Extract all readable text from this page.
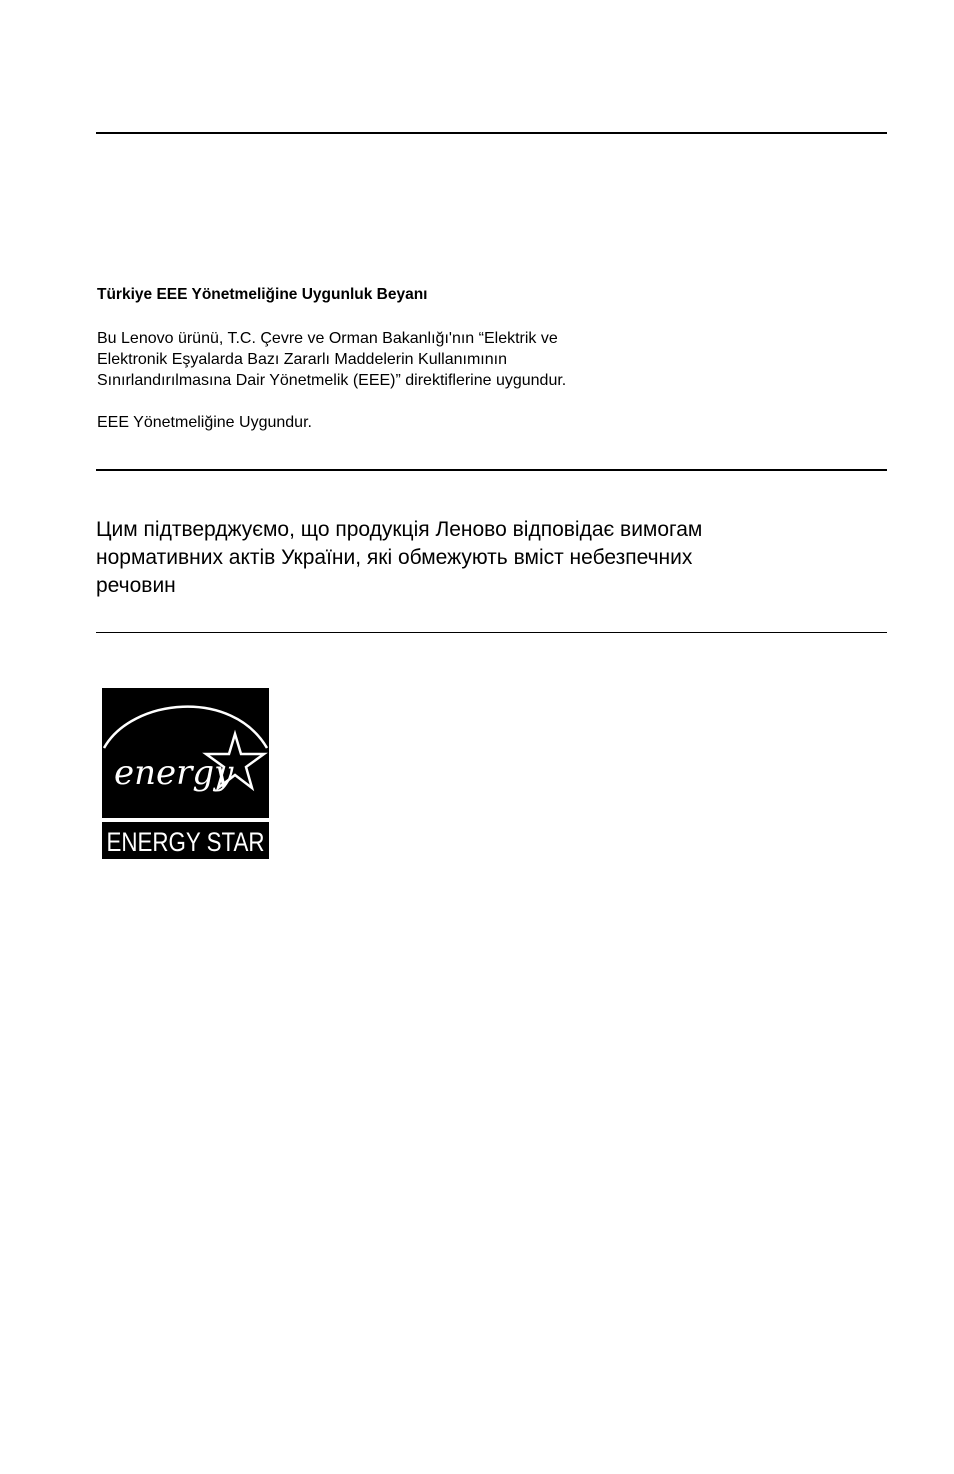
Türkiye EEE Yönetmeliğine Uygunluk Beyanı

Bu Lenovo ürünü, T.C. Çevre ve Orman Bakanlığı'nın “Elektrik ve
Elektronik Eşyalarda Bazı Zararlı Maddelerin Kullanımının
Sınırlandırılmasına Dair Yönetmelik (EEE)” direktiflerine uygundur.

EEE Yönetmeliğine Uygundur.

Цим підтверджуємо, що продукція Леново відповідає вимогам
нормативних актів України, які обмежують вміст небезпечних
речовин

energy
ENERGY STAR
